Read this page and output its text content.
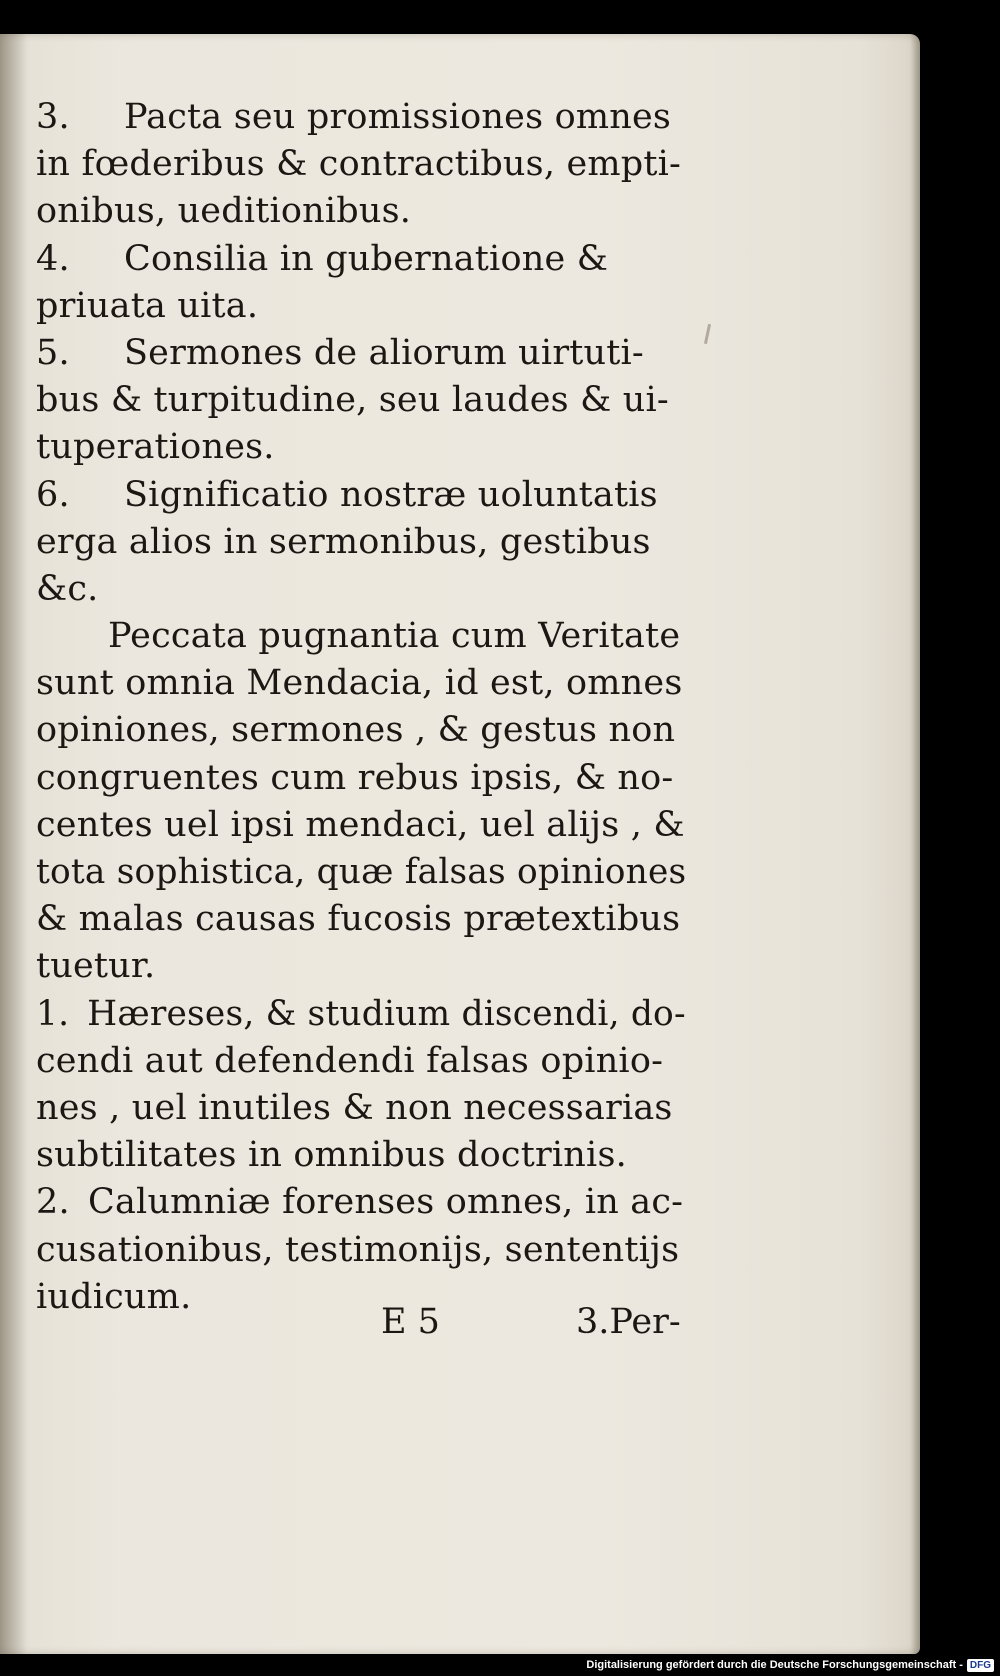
3. Pacta seu promissiones omnes
in fœderibus & contractibus, empti-
onibus, ueditionibus.
4. Consilia in gubernatione &
priuata uita.
5. Sermones de aliorum uirtuti-
bus & turpitudine, seu laudes & ui-
tuperationes.
6. Significatio nostræ uoluntatis
erga alios in sermonibus, gestibus
&c.
Peccata pugnantia cum Veritate
sunt omnia Mendacia, id est, omnes
opiniones, sermones , & gestus non
congruentes cum rebus ipsis, & no-
centes uel ipsi mendaci, uel alijs , &
tota sophistica, quæ falsas opiniones
& malas causas fucosis prætextibus
tuetur.
1. Hæreses, & studium discendi, do-
cendi aut defendendi falsas opinio-
nes , uel inutiles & non necessarias
subtilitates in omnibus doctrinis.
2. Calumniæ forenses omnes, in ac-
cusationibus, testimonijs, sententijs
iudicum.
E 5	3.Per-
Digitalisierung gefördert durch die Deutsche Forschungsgemeinschaft - DFG
